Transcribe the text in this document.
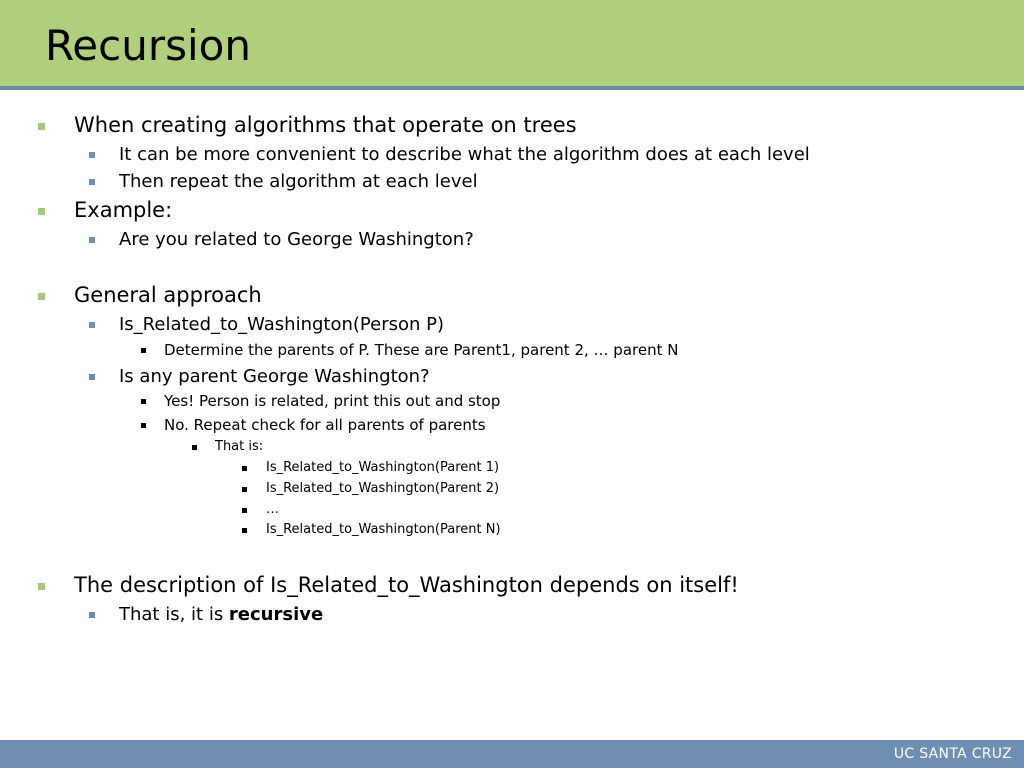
Recursion
When creating algorithms that operate on trees
It can be more convenient to describe what the algorithm does at each level
Then repeat the algorithm at each level
Example:
Are you related to George Washington?
General approach
Is_Related_to_Washington(Person P)
Determine the parents of P. These are Parent1, parent 2, … parent N
Is any parent George Washington?
Yes! Person is related, print this out and stop
No. Repeat check for all parents of parents
That is:
Is_Related_to_Washington(Parent 1)
Is_Related_to_Washington(Parent 2)
…
Is_Related_to_Washington(Parent N)
The description of Is_Related_to_Washington depends on itself!
That is, it is recursive
UC SANTA CRUZ
